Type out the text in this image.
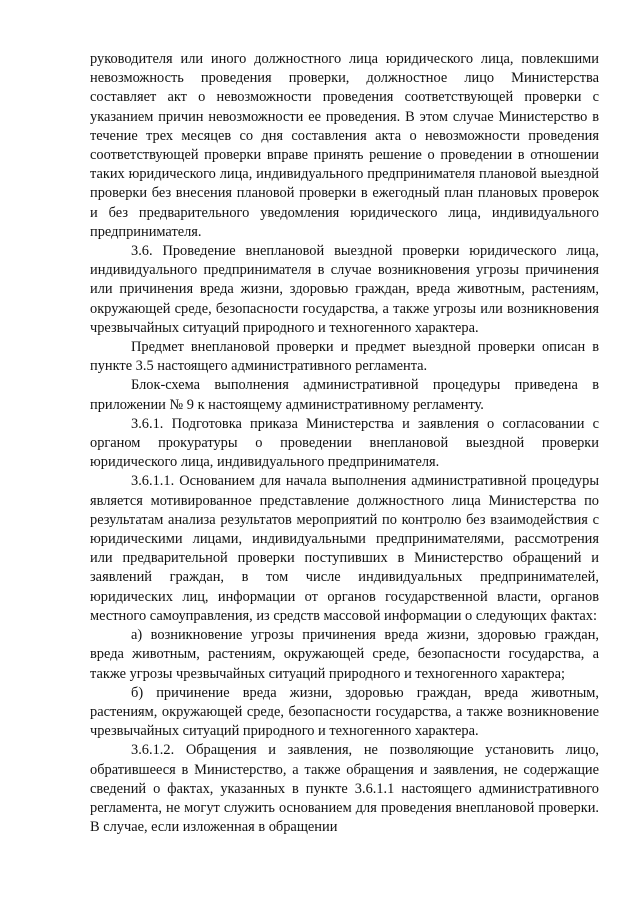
руководителя или иного должностного лица юридического лица, повлекшими невозможность проведения проверки, должностное лицо Министерства составляет акт о невозможности проведения соответствующей проверки с указанием причин невозможности ее проведения. В этом случае Министерство в течение трех месяцев со дня составления акта о невозможности проведения соответствующей проверки вправе принять решение о проведении в отношении таких юридического лица, индивидуального предпринимателя плановой выездной проверки без внесения плановой проверки в ежегодный план плановых проверок и без предварительного уведомления юридического лица, индивидуального предпринимателя.

3.6. Проведение внеплановой выездной проверки юридического лица, индивидуального предпринимателя в случае возникновения угрозы причинения или причинения вреда жизни, здоровью граждан, вреда животным, растениям, окружающей среде, безопасности государства, а также угрозы или возникновения чрезвычайных ситуаций природного и техногенного характера.

Предмет внеплановой проверки и предмет выездной проверки описан в пункте 3.5 настоящего административного регламента.

Блок-схема выполнения административной процедуры приведена в приложении № 9 к настоящему административному регламенту.

3.6.1. Подготовка приказа Министерства и заявления о согласовании с органом прокуратуры о проведении внеплановой выездной проверки юридического лица, индивидуального предпринимателя.

3.6.1.1. Основанием для начала выполнения административной процедуры является мотивированное представление должностного лица Министерства по результатам анализа результатов мероприятий по контролю без взаимодействия с юридическими лицами, индивидуальными предпринимателями, рассмотрения или предварительной проверки поступивших в Министерство обращений и заявлений граждан, в том числе индивидуальных предпринимателей, юридических лиц, информации от органов государственной власти, органов местного самоуправления, из средств массовой информации о следующих фактах:

а) возникновение угрозы причинения вреда жизни, здоровью граждан, вреда животным, растениям, окружающей среде, безопасности государства, а также угрозы чрезвычайных ситуаций природного и техногенного характера;

б) причинение вреда жизни, здоровью граждан, вреда животным, растениям, окружающей среде, безопасности государства, а также возникновение чрезвычайных ситуаций природного и техногенного характера.

3.6.1.2. Обращения и заявления, не позволяющие установить лицо, обратившееся в Министерство, а также обращения и заявления, не содержащие сведений о фактах, указанных в пункте 3.6.1.1 настоящего административного регламента, не могут служить основанием для проведения внеплановой проверки. В случае, если изложенная в обращении
